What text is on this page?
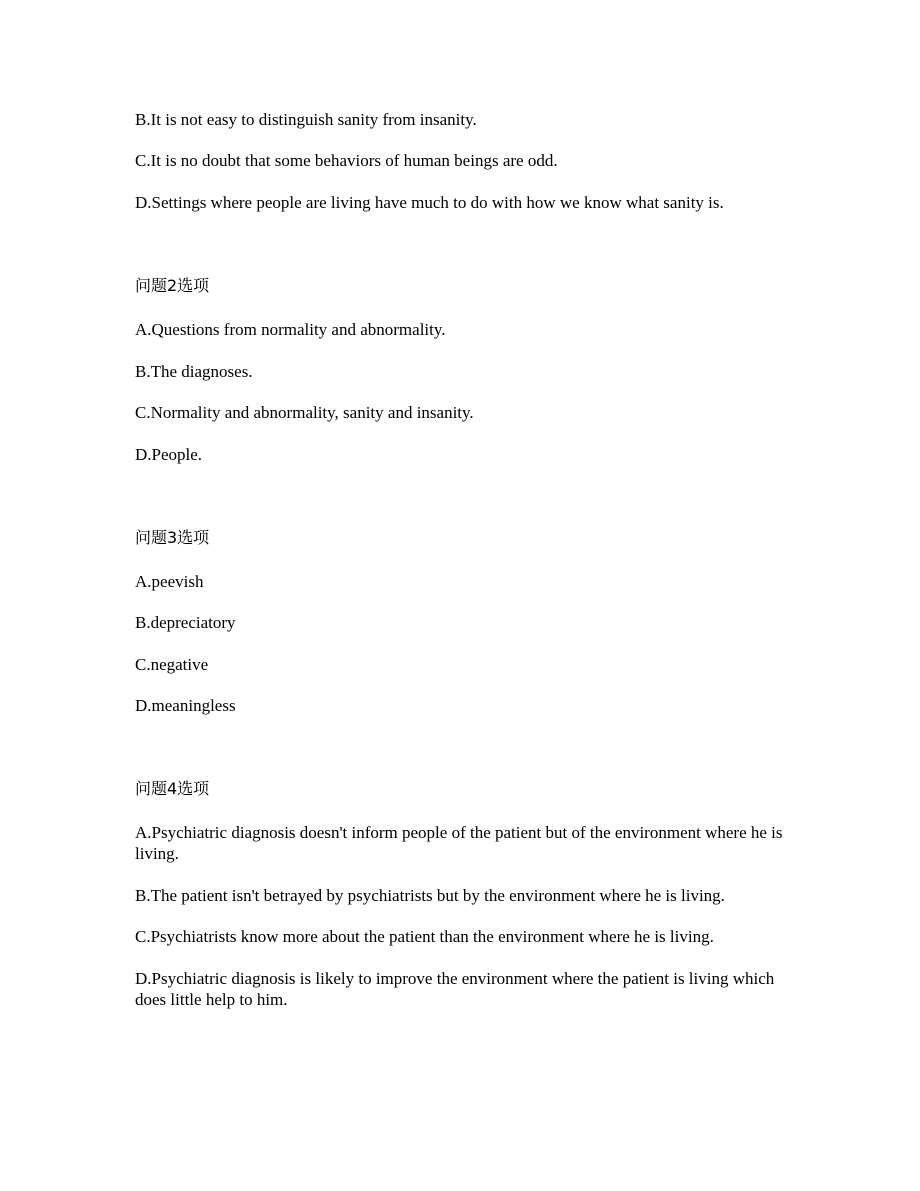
B.It is not easy to distinguish sanity from insanity.
C.It is no doubt that some behaviors of human beings are odd.
D.Settings where people are living have much to do with how we know what sanity is.
问题2选项
A.Questions from normality and abnormality.
B.The diagnoses.
C.Normality and abnormality, sanity and insanity.
D.People.
问题3选项
A.peevish
B.depreciatory
C.negative
D.meaningless
问题4选项
A.Psychiatric diagnosis doesn't inform people of the patient but of the environment where he is living.
B.The patient isn't betrayed by psychiatrists but by the environment where he is living.
C.Psychiatrists know more about the patient than the environment where he is living.
D.Psychiatric diagnosis is likely to improve the environment where the patient is living which does little help to him.
